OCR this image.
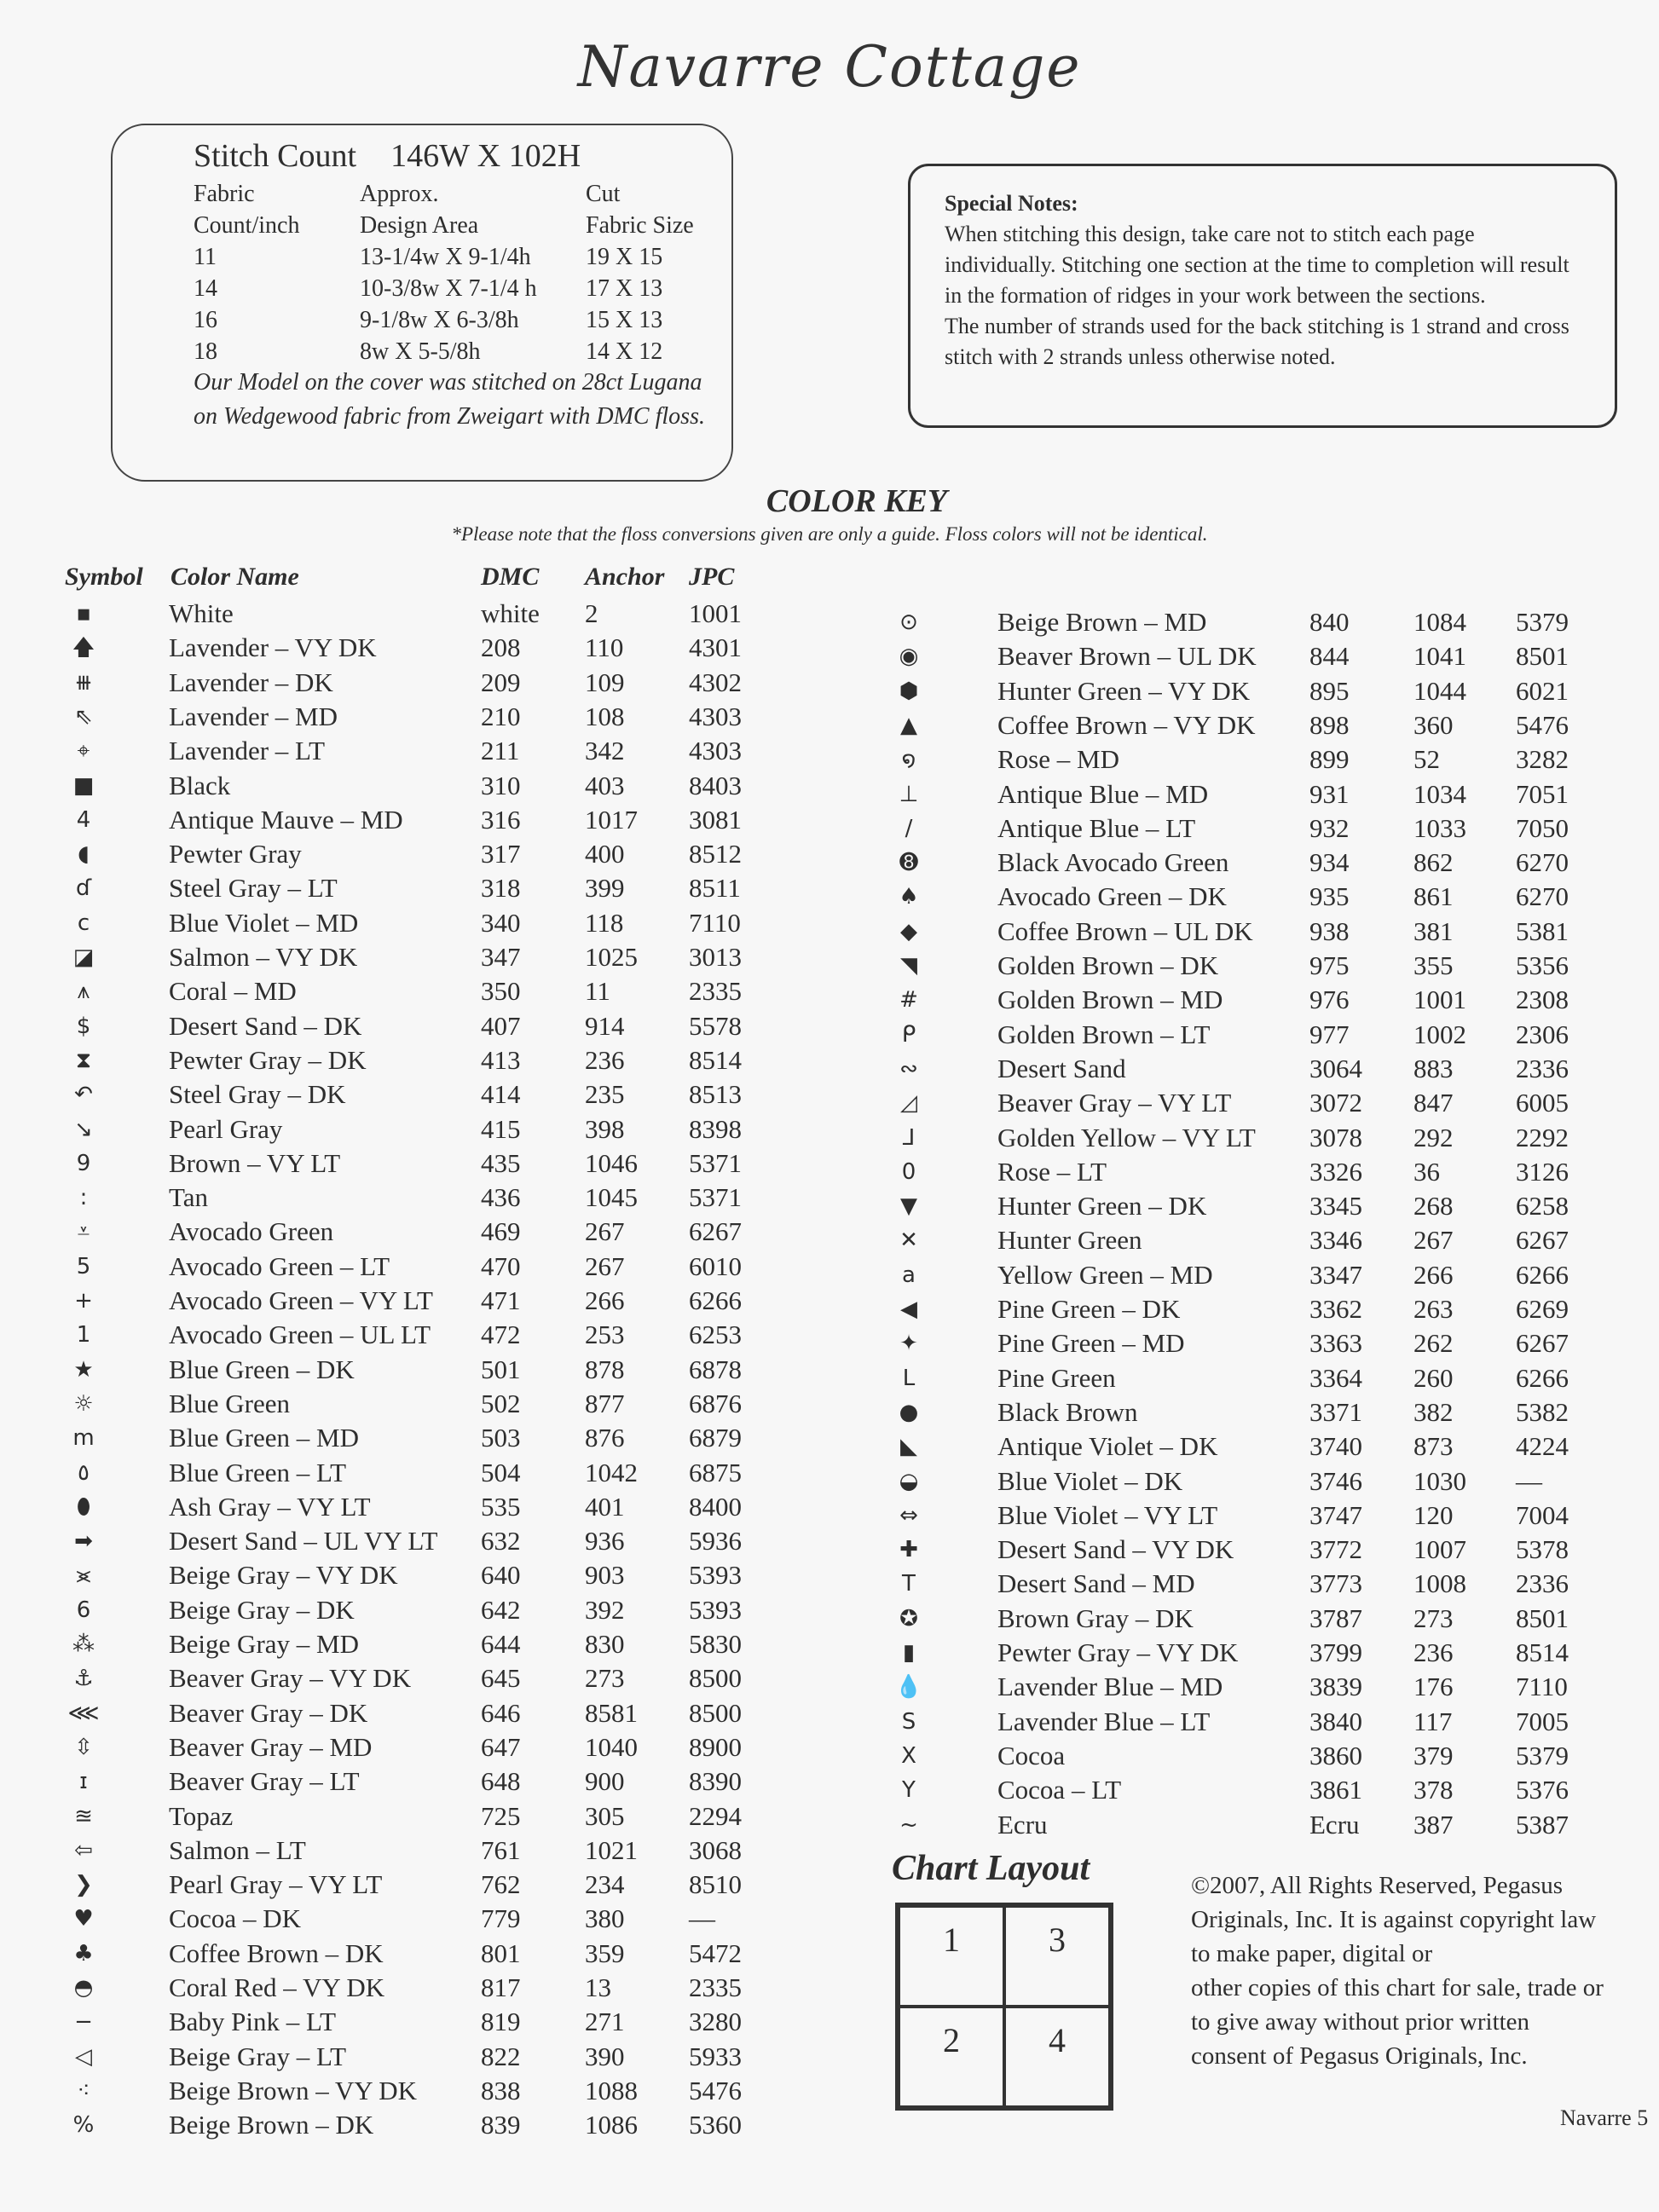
Navarre Cottage
Stitch Count 146W X 102H
Fabric	Approx.	Cut
Count/inch	Design Area	Fabric Size
11	13-1/4w X 9-1/4h	19 X 15
14	10-3/8w X 7-1/4 h	17 X 13
16	9-1/8w X 6-3/8h	15 X 13
18	8w X 5-5/8h	14 X 12
Our Model on the cover was stitched on 28ct Lugana on Wedgewood fabric from Zweigart with DMC floss.
Special Notes:
When stitching this design, take care not to stitch each page individually. Stitching one section at the time to completion will result in the formation of ridges in your work between the sections.
The number of strands used for the back stitching is 1 strand and cross stitch with 2 strands unless otherwise noted.
COLOR KEY
*Please note that the floss conversions given are only a guide. Floss colors will not be identical.
Symbol Color Name	DMC Anchor JPC
▪	White	white 2	1001
🡅	Lavender – VY DK	208 110 4301
⧻	Lavender – DK	209 109 4302
⇖	Lavender – MD	210 108 4303
⌖	Lavender – LT	211 342 4303
■	Black	310 403 8403
4	Antique Mauve – MD	316 1017 3081
◖	Pewter Gray	317 400 8512
ɗ	Steel Gray – LT	318 399 8511
c	Blue Violet – MD	340 118 7110
◪	Salmon – VY DK	347 1025 3013
⩚	Coral – MD	350 11	2335
$	Desert Sand – DK	407 914 5578
⧗	Pewter Gray – DK	413 236 8514
↶	Steel Gray – DK	414 235 8513
↘	Pearl Gray	415 398 8398
9	Brown – VY LT	435 1046 5371
:	Tan	436 1045 5371
⩡	Avocado Green	469 267 6267
5	Avocado Green – LT	470 267 6010
+	Avocado Green – VY LT 471 266 6266
1	Avocado Green – UL LT 472 253 6253
★	Blue Green – DK	501 878 6878
☼	Blue Green	502 877 6876
m	Blue Green – MD	503 876 6879
٥	Blue Green – LT	504 1042 6875
⬮	Ash Gray – VY LT	535 401 8400
➡	Desert Sand – UL VY LT 632 936 5936
⪤	Beige Gray – VY DK	640 903 5393
6	Beige Gray – DK	642 392 5393
⁂	Beige Gray – MD	644 830 5830
⚓	Beaver Gray – VY DK	645 273 8500
⋘	Beaver Gray – DK	646 8581 8500
⇳	Beaver Gray – MD	647 1040 8900
ɪ	Beaver Gray – LT	648 900 8390
≊	Topaz	725 305 2294
⇦	Salmon – LT	761 1021 3068
❯	Pearl Gray – VY LT	762 234 8510
♥	Cocoa – DK	779 380 —
♣	Coffee Brown – DK	801 359 5472
◓	Coral Red – VY DK	817 13	2335
−	Baby Pink – LT	819 271 3280
◁	Beige Gray – LT	822 390 5933
⁖	Beige Brown – VY DK 838 1088 5476
%	Beige Brown – DK	839 1086 5360
⊙	Beige Brown – MD	840 1084 5379
◉	Beaver Brown – UL DK 844 1041 8501
⬢	Hunter Green – VY DK 895 1044 6021
▲	Coffee Brown – VY DK 898 360 5476
໑	Rose – MD	899 52	3282
⊥	Antique Blue – MD	931 1034 7051
/	Antique Blue – LT	932 1033 7050
➑	Black Avocado Green	934 862 6270
♠	Avocado Green – DK	935 861 6270
◆	Coffee Brown – UL DK 938 381 5381
◥	Golden Brown – DK	975 355 5356
#	Golden Brown – MD	976 1001 2308
ᑭ	Golden Brown – LT	977 1002 2306
∾	Desert Sand	3064 883 2336
◿	Beaver Gray – VY LT	3072 847 6005
⅃	Golden Yellow – VY LT 3078 292 2292
0	Rose – LT	3326 36	3126
▼	Hunter Green – DK	3345 268 6258
✕	Hunter Green	3346 267 6267
a	Yellow Green – MD	3347 266 6266
◀	Pine Green – DK	3362 263 6269
✦	Pine Green – MD	3363 262 6267
L	Pine Green	3364 260 6266
●	Black Brown	3371 382 5382
◣	Antique Violet – DK	3740 873 4224
◒	Blue Violet – DK	3746 1030 —
⇔	Blue Violet – VY LT	3747 120 7004
✚	Desert Sand – VY DK	3772 1007 5378
T	Desert Sand – MD	3773 1008 2336
✪	Brown Gray – DK	3787 273 8501
▮	Pewter Gray – VY DK	3799 236 8514
💧	Lavender Blue – MD	3839 176 7110
S	Lavender Blue – LT	3840 117 7005
X	Cocoa	3860 379 5379
Y	Cocoa – LT	3861 378 5376
~	Ecru	Ecru 387 5387
Chart Layout
1	3
2	4
©2007, All Rights Reserved, Pegasus
Originals, Inc. It is against copyright law
to make paper, digital or
other copies of this chart for sale, trade or
to give away without prior written
consent of Pegasus Originals, Inc.
Navarre 5
